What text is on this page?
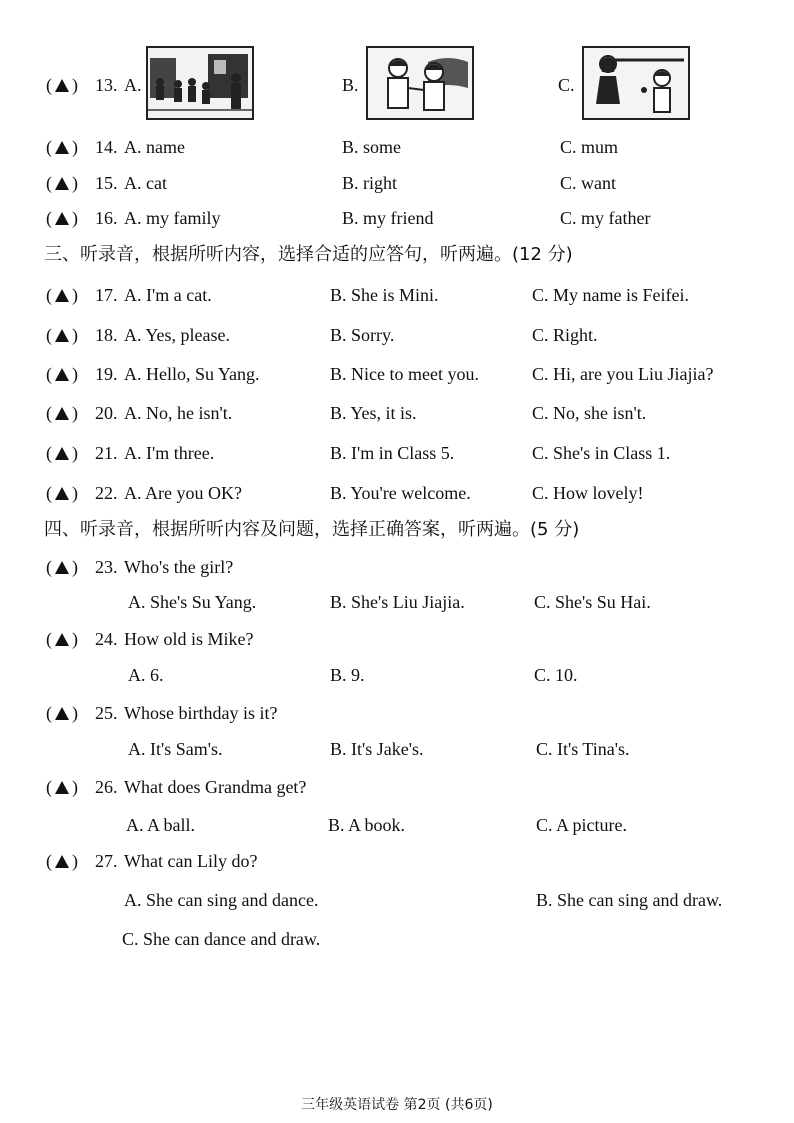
( ) 13. A.	B.	C.
( ) 14. A. name	B. some	C. mum
( ) 15. A. cat	B. right	C. want
( ) 16. A. my family	B. my friend	C. my father
三、听录音，根据所听内容，选择合适的应答句，听两遍。(12 分)
( ) 17. A. I'm a cat.	B. She is Mini.	C. My name is Feifei.
( ) 18. A. Yes, please.	B. Sorry.	C. Right.
( ) 19. A. Hello, Su Yang.	B. Nice to meet you.	C. Hi, are you Liu Jiajia?
( ) 20. A. No, he isn't.	B. Yes, it is.	C. No, she isn't.
( ) 21. A. I'm three.	B. I'm in Class 5.	C. She's in Class 1.
( ) 22. A. Are you OK?	B. You're welcome.	C. How lovely!
四、听录音，根据所听内容及问题，选择正确答案，听两遍。(5 分)
( ) 23. Who's the girl?
A. She's Su Yang.	B. She's Liu Jiajia.	C. She's Su Hai.
( ) 24. How old is Mike?
A. 6.	B. 9.	C. 10.
( ) 25. Whose birthday is it?
A. It's Sam's.	B. It's Jake's.	C. It's Tina's.
( ) 26. What does Grandma get?
A. A ball.	B. A book.	C. A picture.
( ) 27. What can Lily do?
A. She can sing and dance.	B. She can sing and draw.
C. She can dance and draw.
三年级英语试卷 第2页 (共6页)
